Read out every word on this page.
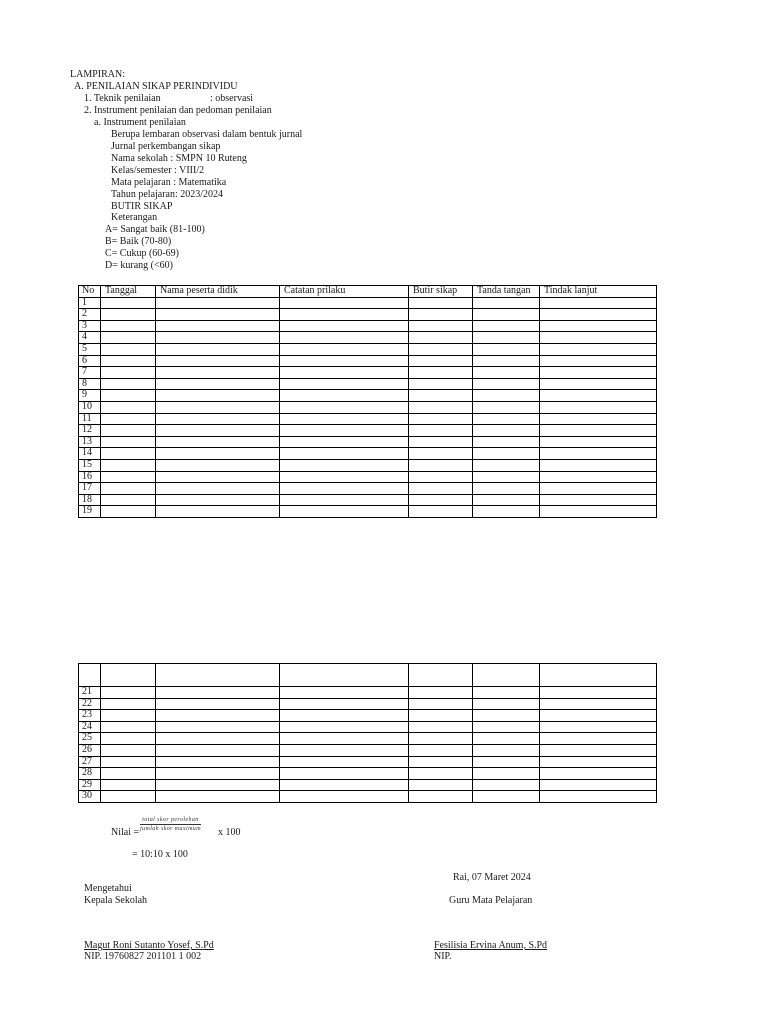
LAMPIRAN:
A. PENILAIAN SIKAP PERINDIVIDU
1. Teknik penilaian	: observasi
2. Instrument penilaian dan pedoman penilaian
a. Instrument penilaian
Berupa lembaran observasi dalam bentuk jurnal
Jurnal perkembangan sikap
Nama sekolah : SMPN 10 Ruteng
Kelas/semester : VIII/2
Mata pelajaran : Matematika
Tahun pelajaran: 2023/2024
BUTIR SIKAP
Keterangan
A= Sangat baik (81-100)
B= Baik (70-80)
C= Cukup (60-69)
D= kurang (<60)
No	Tanggal	Nama peserta didik	Catatan prilaku	Butir sikap	Tanda tangan	Tindak lanjut
1						
2						
3						
4						
5						
6						
7						
8						
9						
10						
11						
12						
13						
14						
15						
16						
17						
18						
19						

21						
22						
23						
24						
25						
26						
27						
28						
29						
30						
Nilai =
total skor perolehan
jumlah skor maximum x 100
= 10:10 x 100
Rai, 07 Maret 2024
Mengetahui
Kepala Sekolah	Guru Mata Pelajaran
Magut Roni Sutanto Yosef, S.Pd
NIP. 19760827 201101 1 002
Fesilisia Ervina Anum, S.Pd
NIP.
